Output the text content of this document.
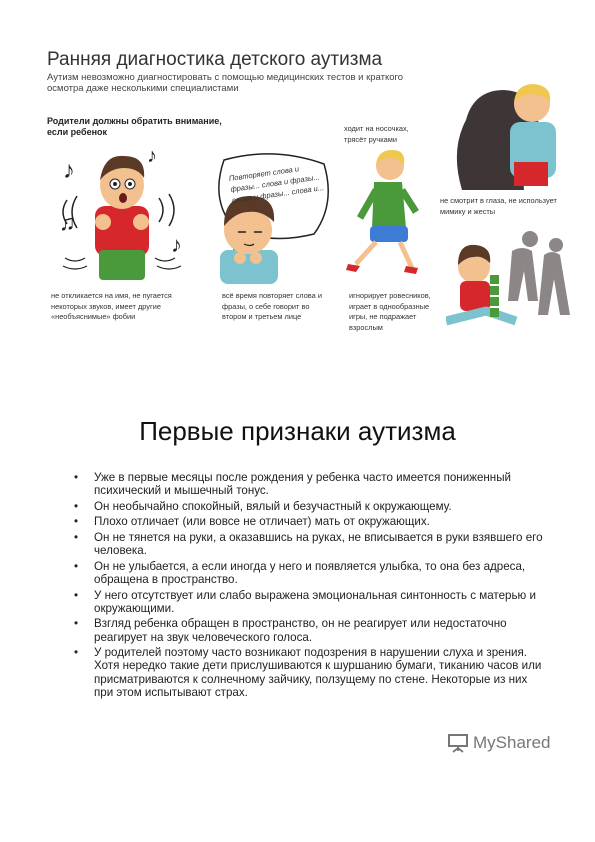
Ранняя диагностика детского аутизма
Аутизм невозможно диагностировать с помощью медицинских тестов и краткого осмотра даже несколькими специалистами
Родители должны обратить внимание, если ребенок
♪
♫
♪
♪
Повторяет слова и фразы... слова и фразы... слова и фразы... слова и...
не откликается на имя, не пугается некоторых звуков, имеет другие «необъяснимые» фобии
всё время повторяет слова и фразы, о себе говорит во втором и третьем лице
ходит на носочках, трясёт ручками
игнорирует ровесников, играет в однообразные игры, не подражает взрослым
не смотрит в глаза, не использует мимику и жесты
Первые признаки аутизма
• Уже в первые месяцы после рождения у ребенка часто имеется пониженный психический и мышечный тонус.
• Он необычайно спокойный, вялый и безучастный к окружающему.
• Плохо отличает (или вовсе не отличает) мать от окружающих.
• Он не тянется на руки, а оказавшись на руках, не вписывается в руки взявшего его человека.
• Он не улыбается, а если иногда у него и появляется улыбка, то она без адреса, обращена в пространство.
• У него отсутствует или слабо выражена эмоциональная синтонность с матерью и окружающими.
• Взгляд ребенка обращен в пространство, он не реагирует или недостаточно реагирует на звук человеческого голоса.
• У родителей поэтому часто возникают подозрения в нарушении слуха и зрения. Хотя нередко такие дети прислушиваются к шуршанию бумаги, тиканию часов или присматриваются к солнечному зайчику, ползущему по стене. Некоторые из них при этом испытывают страх.
MyShared
